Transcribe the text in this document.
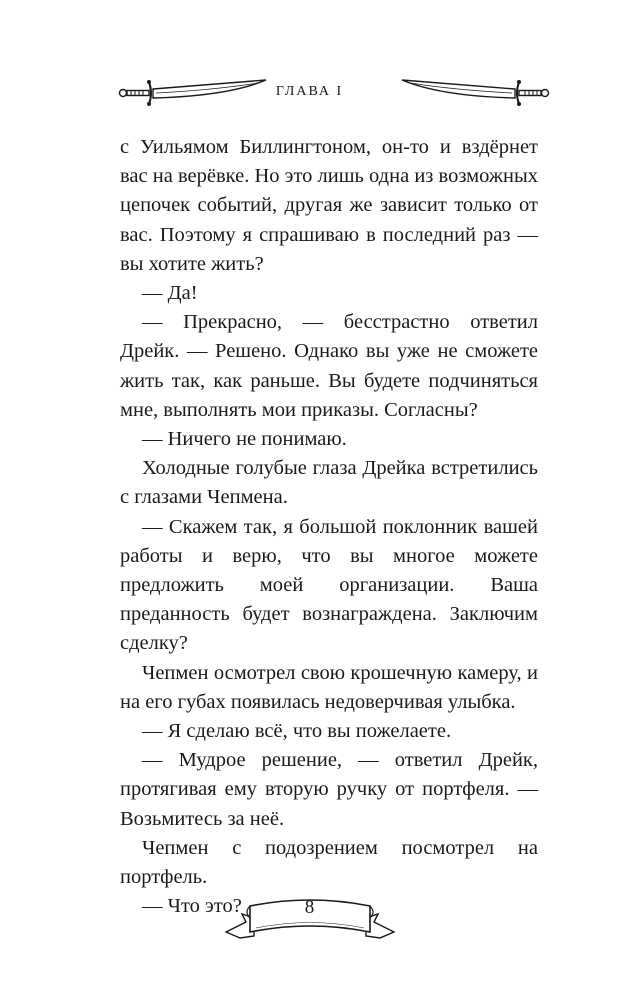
ГЛАВА I

с Уильямом Биллингтоном, он-то и вздёрнет вас на верёвке. Но это лишь одна из возможных цепочек событий, другая же зависит только от вас. Поэтому я спрашиваю в последний раз — вы хотите жить?

— Да!

— Прекрасно, — бесстрастно ответил Дрейк. — Решено. Однако вы уже не сможете жить так, как раньше. Вы будете подчиняться мне, выполнять мои приказы. Согласны?

— Ничего не понимаю.

Холодные голубые глаза Дрейка встретились с глазами Чепмена.

— Скажем так, я большой поклонник вашей работы и верю, что вы многое можете предложить моей организации. Ваша преданность будет вознаграждена. Заключим сделку?

Чепмен осмотрел свою крошечную камеру, и на его губах появилась недоверчивая улыбка.

— Я сделаю всё, что вы пожелаете.

— Мудрое решение, — ответил Дрейк, протягивая ему вторую ручку от портфеля. — Возьмитесь за неё.

Чепмен с подозрением посмотрел на портфель.

— Что это?	8
